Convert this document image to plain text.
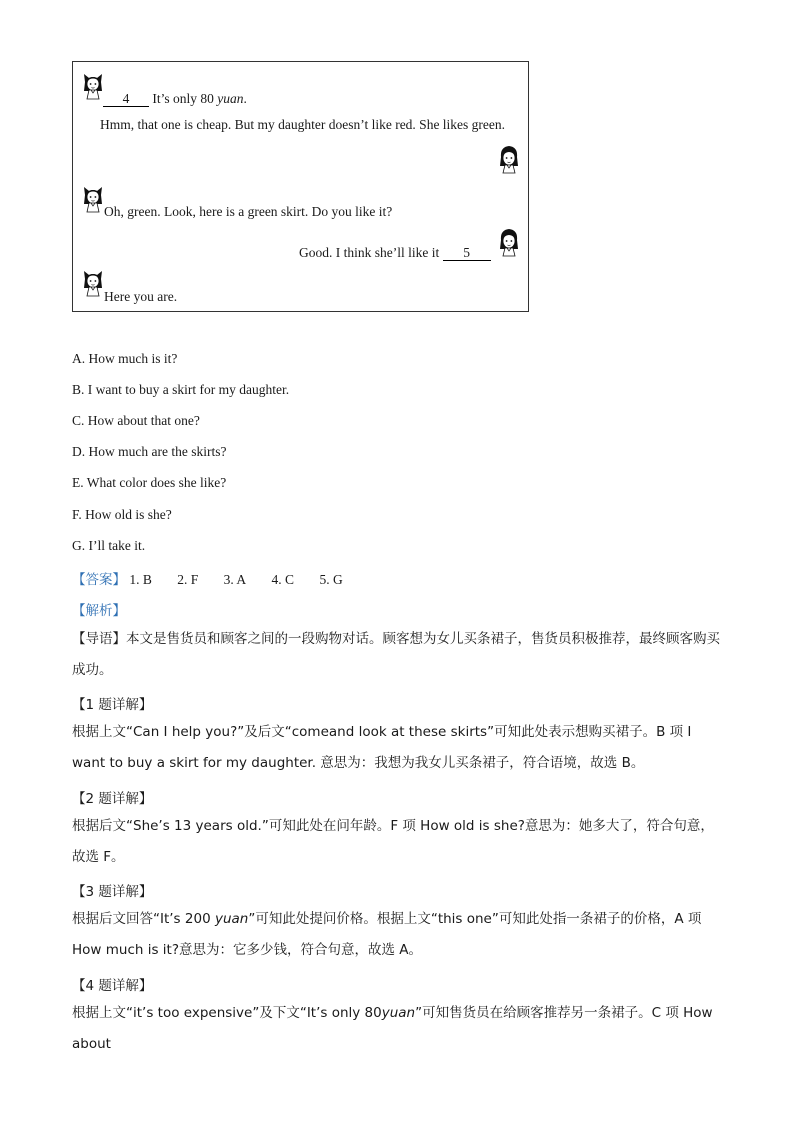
4 It’s only 80 yuan.
Hmm, that one is cheap. But my daughter doesn’t like red. She likes green.
Oh, green. Look, here is a green skirt. Do you like it?
Good. I think she’ll like it 5
Here you are.
A. How much is it?
B. I want to buy a skirt for my daughter.
C. How about that one?
D. How much are the skirts?
E. What color does she like?
F. How old is she?
G. I’ll take it.
【答案】 1. B 2. F 3. A 4. C 5. G
【解析】
【导语】本文是售货员和顾客之间的一段购物对话。顾客想为女儿买条裙子，售货员积极推荐，最终顾客购买成功。
【1 题详解】
根据上文“Can I help you?”及后文“comeand look at these skirts”可知此处表示想购买裙子。B 项 I want to buy a skirt for my daughter. 意思为：我想为我女儿买条裙子，符合语境，故选 B。
【2 题详解】
根据后文“She’s 13 years old.”可知此处在问年龄。F 项 How old is she?意思为：她多大了，符合句意，故选 F。
【3 题详解】
根据后文回答“It’s 200 yuan”可知此处提问价格。根据上文“this one”可知此处指一条裙子的价格，A 项 How much is it?意思为：它多少钱，符合句意，故选 A。
【4 题详解】
根据上文“it’s too expensive”及下文“It’s only 80yuan”可知售货员在给顾客推荐另一条裙子。C 项 How about
